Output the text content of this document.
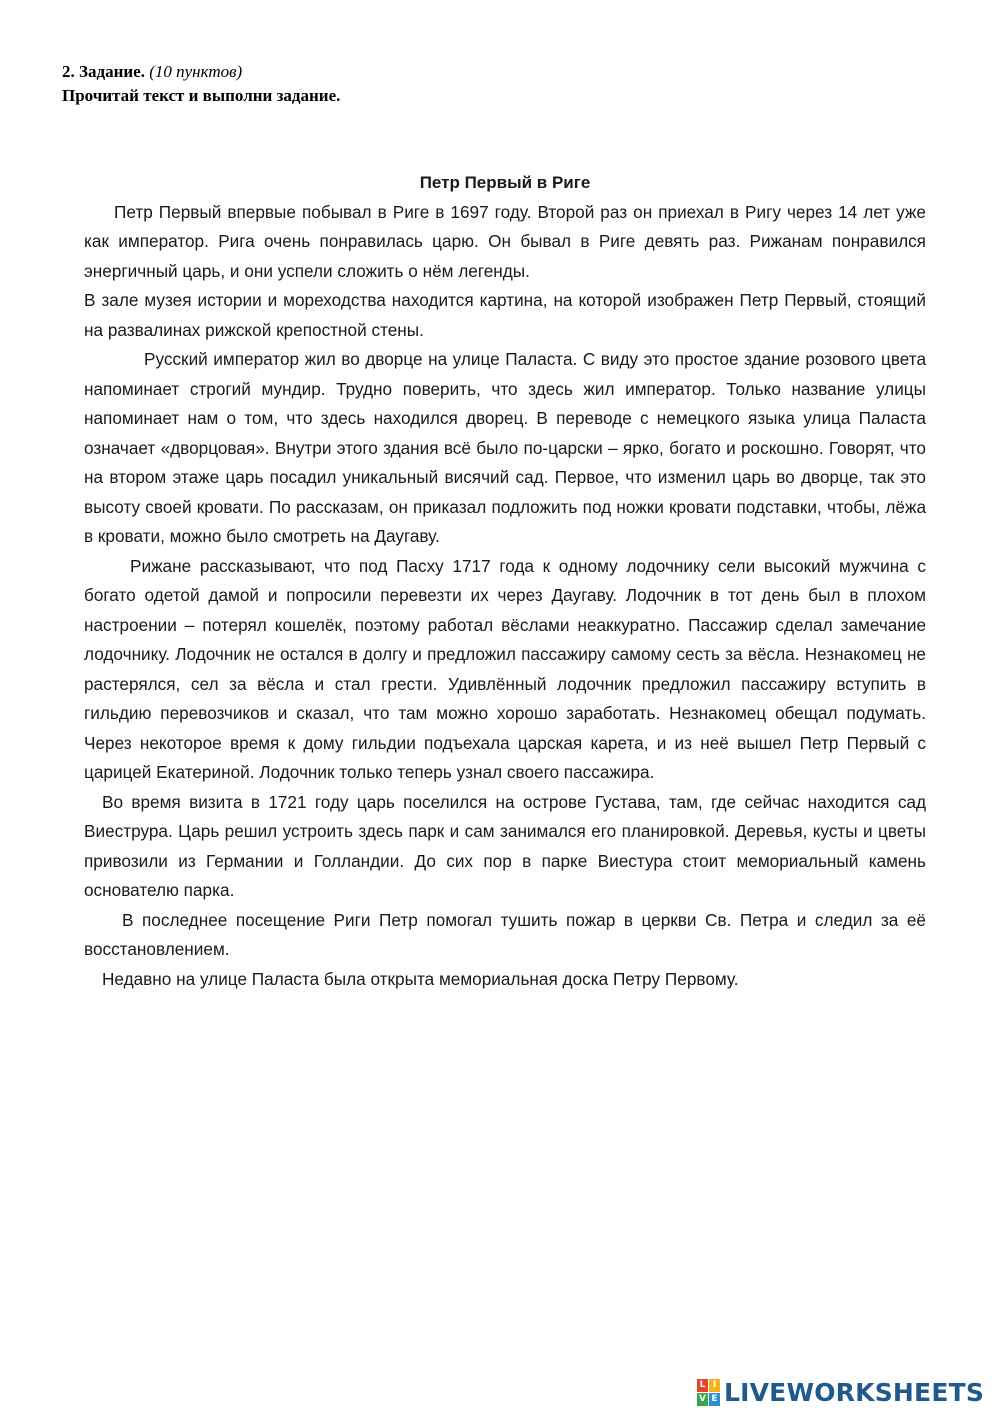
2. Задание. (10 пунктов)
Прочитай текст и выполни задание.
Петр Первый в Риге

Петр Первый впервые побывал в Риге в 1697 году. Второй раз он приехал в Ригу через 14 лет уже как император. Рига очень понравилась царю. Он бывал в Риге девять раз. Рижанам понравился энергичный царь, и они успели сложить о нём легенды.

В зале музея истории и мореходства находится картина, на которой изображен Петр Первый, стоящий на развалинах рижской крепостной стены.

Русский император жил во дворце на улице Паласта. С виду это простое здание розового цвета напоминает строгий мундир. Трудно поверить, что здесь жил император. Только название улицы напоминает нам о том, что здесь находился дворец. В переводе с немецкого языка улица Паласта означает «дворцовая». Внутри этого здания всё было по-царски – ярко, богато и роскошно. Говорят, что на втором этаже царь посадил уникальный висячий сад. Первое, что изменил царь во дворце, так это высоту своей кровати. По рассказам, он приказал подложить под ножки кровати подставки, чтобы, лёжа в кровати, можно было смотреть на Даугаву.

Рижане рассказывают, что под Пасху 1717 года к одному лодочнику сели высокий мужчина с богато одетой дамой и попросили перевезти их через Даугаву. Лодочник в тот день был в плохом настроении – потерял кошелёк, поэтому работал вёслами неаккуратно. Пассажир сделал замечание лодочнику. Лодочник не остался в долгу и предложил пассажиру самому сесть за вёсла. Незнакомец не растерялся, сел за вёсла и стал грести. Удивлённый лодочник предложил пассажиру вступить в гильдию перевозчиков и сказал, что там можно хорошо заработать. Незнакомец обещал подумать. Через некоторое время к дому гильдии подъехала царская карета, и из неё вышел Петр Первый с царицей Екатериной. Лодочник только теперь узнал своего пассажира.

Во время визита в 1721 году царь поселился на острове Густава, там, где сейчас находится сад Виеструра. Царь решил устроить здесь парк и сам занимался его планировкой. Деревья, кусты и цветы привозили из Германии и Голландии. До сих пор в парке Виестура стоит мемориальный камень основателю парка.

В последнее посещение Риги Петр помогал тушить пожар в церкви Св. Петра и следил за её восстановлением.

Недавно на улице Паласта была открыта мемориальная доска Петру Первому.

L I
V E LIVEWORKSHEETS
